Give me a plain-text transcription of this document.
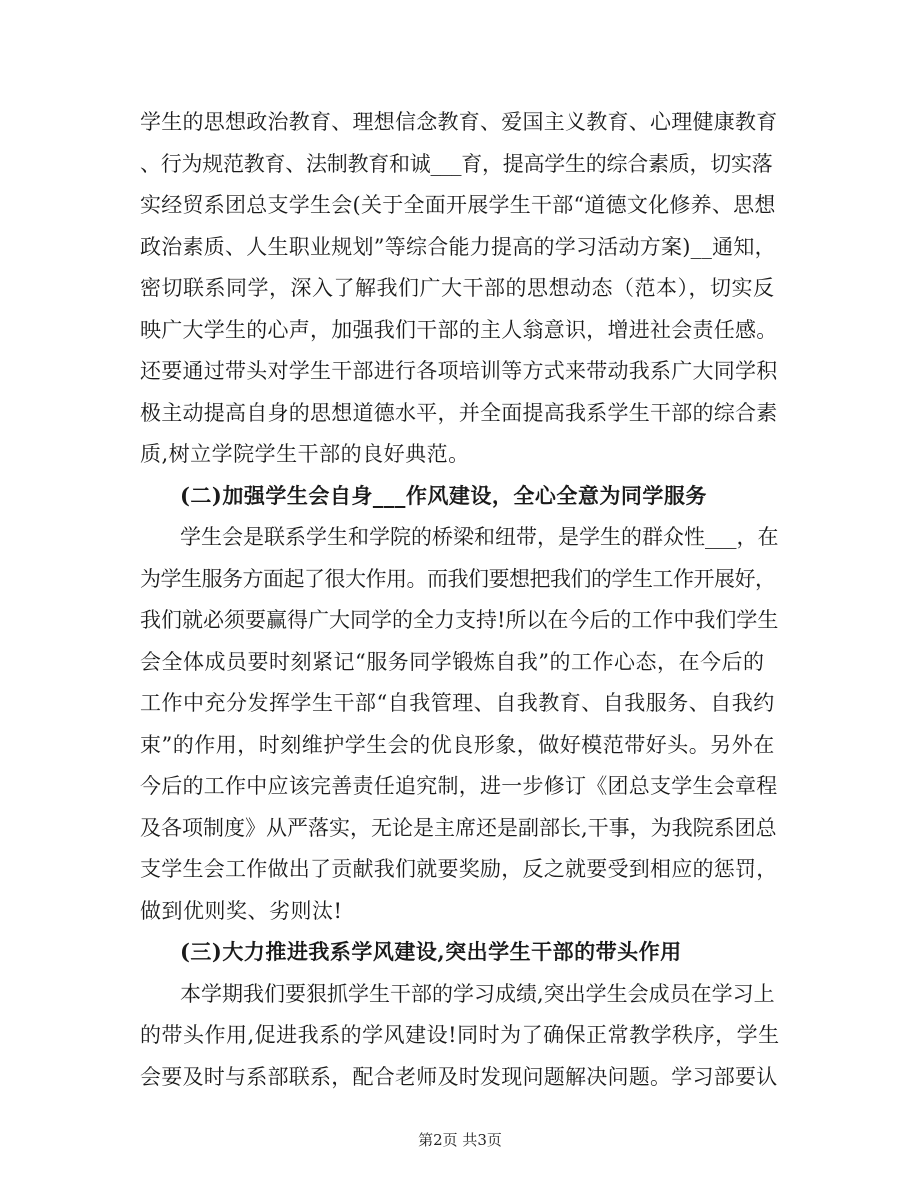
学生的思想政治教育、理想信念教育、爱国主义教育、心理健康教育
、行为规范教育、法制教育和诚___育，提高学生的综合素质，切实落
实经贸系团总支学生会(关于全面开展学生干部“道德文化修养、思想
政治素质、人生职业规划”等综合能力提高的学习活动方案)__通知，
密切联系同学，深入了解我们广大干部的思想动态（范本），切实反
映广大学生的心声，加强我们干部的主人翁意识，增进社会责任感。
还要通过带头对学生干部进行各项培训等方式来带动我系广大同学积
极主动提高自身的思想道德水平，并全面提高我系学生干部的综合素
质,树立学院学生干部的良好典范。
(二)加强学生会自身___作风建设，全心全意为同学服务
学生会是联系学生和学院的桥梁和纽带，是学生的群众性___，在
为学生服务方面起了很大作用。而我们要想把我们的学生工作开展好，
我们就必须要赢得广大同学的全力支持!所以在今后的工作中我们学生
会全体成员要时刻紧记“服务同学锻炼自我”的工作心态，在今后的
工作中充分发挥学生干部“自我管理、自我教育、自我服务、自我约
束”的作用，时刻维护学生会的优良形象，做好模范带好头。另外在
今后的工作中应该完善责任追究制，进一步修订《团总支学生会章程
及各项制度》从严落实，无论是主席还是副部长,干事，为我院系团总
支学生会工作做出了贡献我们就要奖励，反之就要受到相应的惩罚，
做到优则奖、劣则汰!
(三)大力推进我系学风建设,突出学生干部的带头作用
本学期我们要狠抓学生干部的学习成绩,突出学生会成员在学习上
的带头作用,促进我系的学风建设!同时为了确保正常教学秩序，学生
会要及时与系部联系，配合老师及时发现问题解决问题。学习部要认
第2页 共3页
